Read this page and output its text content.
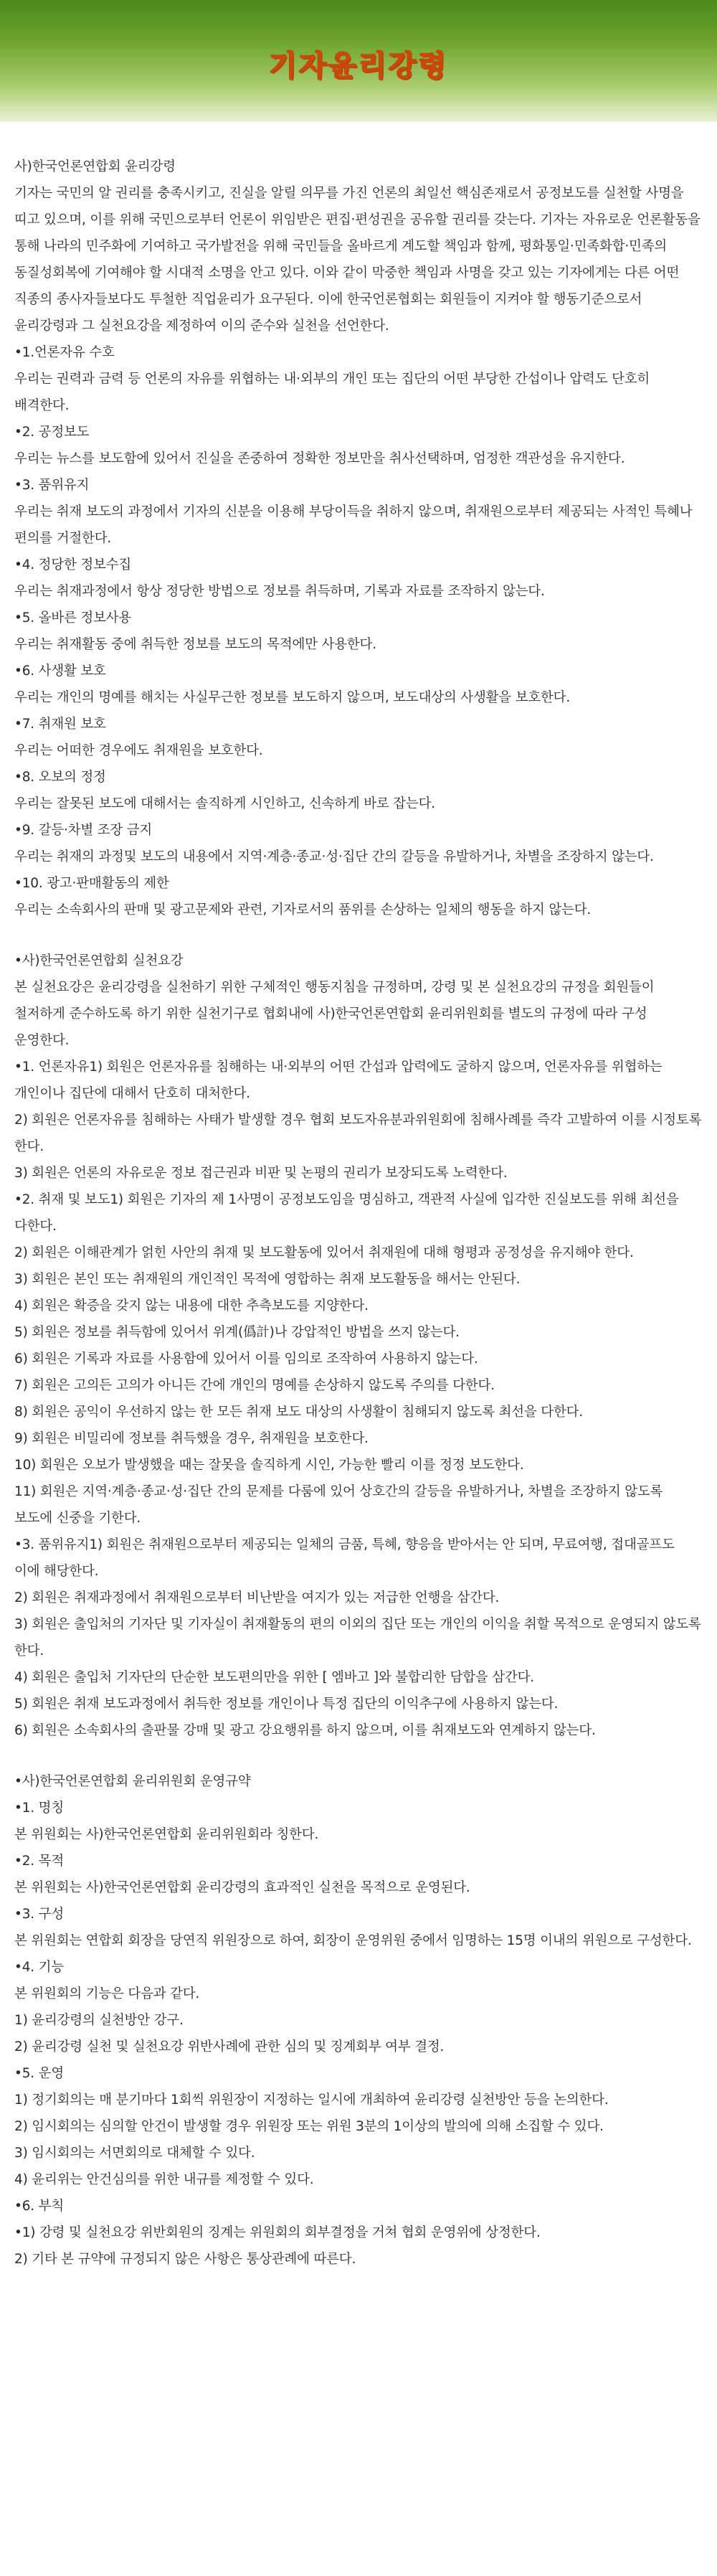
기자윤리강령

사)한국언론연합회 윤리강령

기자는 국민의 알 권리를 충족시키고, 진실을 알릴 의무를 가진 언론의 최일선 핵심존재로서 공정보도를 실천할 사명을 띠고 있으며, 이를 위해 국민으로부터 언론이 위임받은 편집·편성권을 공유할 권리를 갖는다. 기자는 자유로운 언론활동을 통해 나라의 민주화에 기여하고 국가발전을 위해 국민들을 올바르게 계도할 책임과 함께, 평화통일·민족화합·민족의 동질성회복에 기여해야 할 시대적 소명을 안고 있다. 이와 같이 막중한 책임과 사명을 갖고 있는 기자에게는 다른 어떤 직종의 종사자들보다도 투철한 직업윤리가 요구된다. 이에 한국언론협회는 회원들이 지켜야 할 행동기준으로서 윤리강령과 그 실천요강을 제정하여 이의 준수와 실천을 선언한다.

•1.언론자유 수호

우리는 권력과 금력 등 언론의 자유를 위협하는 내·외부의 개인 또는 집단의 어떤 부당한 간섭이나 압력도 단호히 배격한다.

•2. 공정보도

우리는 뉴스를 보도함에 있어서 진실을 존중하여 정확한 정보만을 취사선택하며, 엄정한 객관성을 유지한다.

•3. 품위유지

우리는 취재 보도의 과정에서 기자의 신분을 이용해 부당이득을 취하지 않으며, 취재원으로부터 제공되는 사적인 특혜나 편의를 거절한다.

•4. 정당한 정보수집

우리는 취재과정에서 항상 정당한 방법으로 정보를 취득하며, 기록과 자료를 조작하지 않는다.

•5. 올바른 정보사용

우리는 취재활동 중에 취득한 정보를 보도의 목적에만 사용한다.

•6. 사생활 보호

우리는 개인의 명예를 해치는 사실무근한 정보를 보도하지 않으며, 보도대상의 사생활을 보호한다.

•7. 취재원 보호

우리는 어떠한 경우에도 취재원을 보호한다.

•8. 오보의 정정

우리는 잘못된 보도에 대해서는 솔직하게 시인하고, 신속하게 바로 잡는다.

•9. 갈등·차별 조장 금지

우리는 취재의 과정및 보도의 내용에서 지역·계층·종교·성·집단 간의 갈등을 유발하거나, 차별을 조장하지 않는다.

•10. 광고·판매활동의 제한

우리는 소속회사의 판매 및 광고문제와 관련, 기자로서의 품위를 손상하는 일체의 행동을 하지 않는다.

•사)한국언론연합회 실천요강

본 실천요강은 윤리강령을 실천하기 위한 구체적인 행동지침을 규정하며, 강령 및 본 실천요강의 규정을 회원들이 철저하게 준수하도록 하기 위한 실천기구로 협회내에 사)한국언론연합회 윤리위원회를 별도의 규정에 따라 구성 운영한다.

•1. 언론자유1) 회원은 언론자유를 침해하는 내·외부의 어떤 간섭과 압력에도 굴하지 않으며, 언론자유를 위협하는 개인이나 집단에 대해서 단호히 대처한다.

2) 회원은 언론자유를 침해하는 사태가 발생할 경우 협회 보도자유분과위원회에 침해사례를 즉각 고발하여 이를 시정토록 한다.

3) 회원은 언론의 자유로운 정보 접근권과 비판 및 논평의 권리가 보장되도록 노력한다.

•2. 취재 및 보도1) 회원은 기자의 제 1사명이 공정보도임을 명심하고, 객관적 사실에 입각한 진실보도를 위해 최선을 다한다.

2) 회원은 이해관계가 얽힌 사안의 취재 및 보도활동에 있어서 취재원에 대해 형평과 공정성을 유지해야 한다.

3) 회원은 본인 또는 취재원의 개인적인 목적에 영합하는 취재 보도활동을 해서는 안된다.

4) 회원은 확증을 갖지 않는 내용에 대한 추측보도를 지양한다.

5) 회원은 정보를 취득함에 있어서 위계(僞計)나 강압적인 방법을 쓰지 않는다.

6) 회원은 기록과 자료를 사용함에 있어서 이를 임의로 조작하여 사용하지 않는다.

7) 회원은 고의든 고의가 아니든 간에 개인의 명예를 손상하지 않도록 주의를 다한다.

8) 회원은 공익이 우선하지 않는 한 모든 취재 보도 대상의 사생활이 침해되지 않도록 최선을 다한다.

9) 회원은 비밀리에 정보를 취득했을 경우, 취재원을 보호한다.

10) 회원은 오보가 발생했을 때는 잘못을 솔직하게 시인, 가능한 빨리 이를 정정 보도한다.

11) 회원은 지역·계층·종교·성·집단 간의 문제를 다룸에 있어 상호간의 갈등을 유발하거나, 차별을 조장하지 않도록 보도에 신중을 기한다.

•3. 품위유지1) 회원은 취재원으로부터 제공되는 일체의 금품, 특혜, 향응을 받아서는 안 되며, 무료여행, 접대골프도 이에 해당한다.

2) 회원은 취재과정에서 취재원으로부터 비난받을 여지가 있는 저급한 언행을 삼간다.

3) 회원은 출입처의 기자단 및 기자실이 취재활동의 편의 이외의 집단 또는 개인의 이익을 취할 목적으로 운영되지 않도록 한다.

4) 회원은 출입처 기자단의 단순한 보도편의만을 위한 [ 엠바고 ]와 불합리한 담합을 삼간다.

5) 회원은 취재 보도과정에서 취득한 정보를 개인이나 특정 집단의 이익추구에 사용하지 않는다.

6) 회원은 소속회사의 출판물 강매 및 광고 강요행위를 하지 않으며, 이를 취재보도와 연계하지 않는다.

•사)한국언론연합회 윤리위원회 운영규약

•1. 명칭

본 위원회는 사)한국언론연합회 윤리위원회라 칭한다.

•2. 목적

본 위원회는 사)한국언론연합회 윤리강령의 효과적인 실천을 목적으로 운영된다.

•3. 구성

본 위원회는 연합회 회장을 당연직 위원장으로 하여, 회장이 운영위원 중에서 임명하는 15명 이내의 위원으로 구성한다.

•4. 기능

본 위원회의 기능은 다음과 같다.

1) 윤리강령의 실천방안 강구.

2) 윤리강령 실천 및 실천요강 위반사례에 관한 심의 및 징계회부 여부 결정.

•5. 운영

1) 정기회의는 매 분기마다 1회씩 위원장이 지정하는 일시에 개최하여 윤리강령 실천방안 등을 논의한다.

2) 임시회의는 심의할 안건이 발생할 경우 위원장 또는 위원 3분의 1이상의 발의에 의해 소집할 수 있다.

3) 임시회의는 서면회의로 대체할 수 있다.

4) 윤리위는 안건심의를 위한 내규를 제정할 수 있다.

•6. 부칙

•1) 강령 및 실천요강 위반회원의 징계는 위원회의 회부결정을 거쳐 협회 운영위에 상정한다.

2) 기타 본 규약에 규정되지 않은 사항은 통상관례에 따른다.
